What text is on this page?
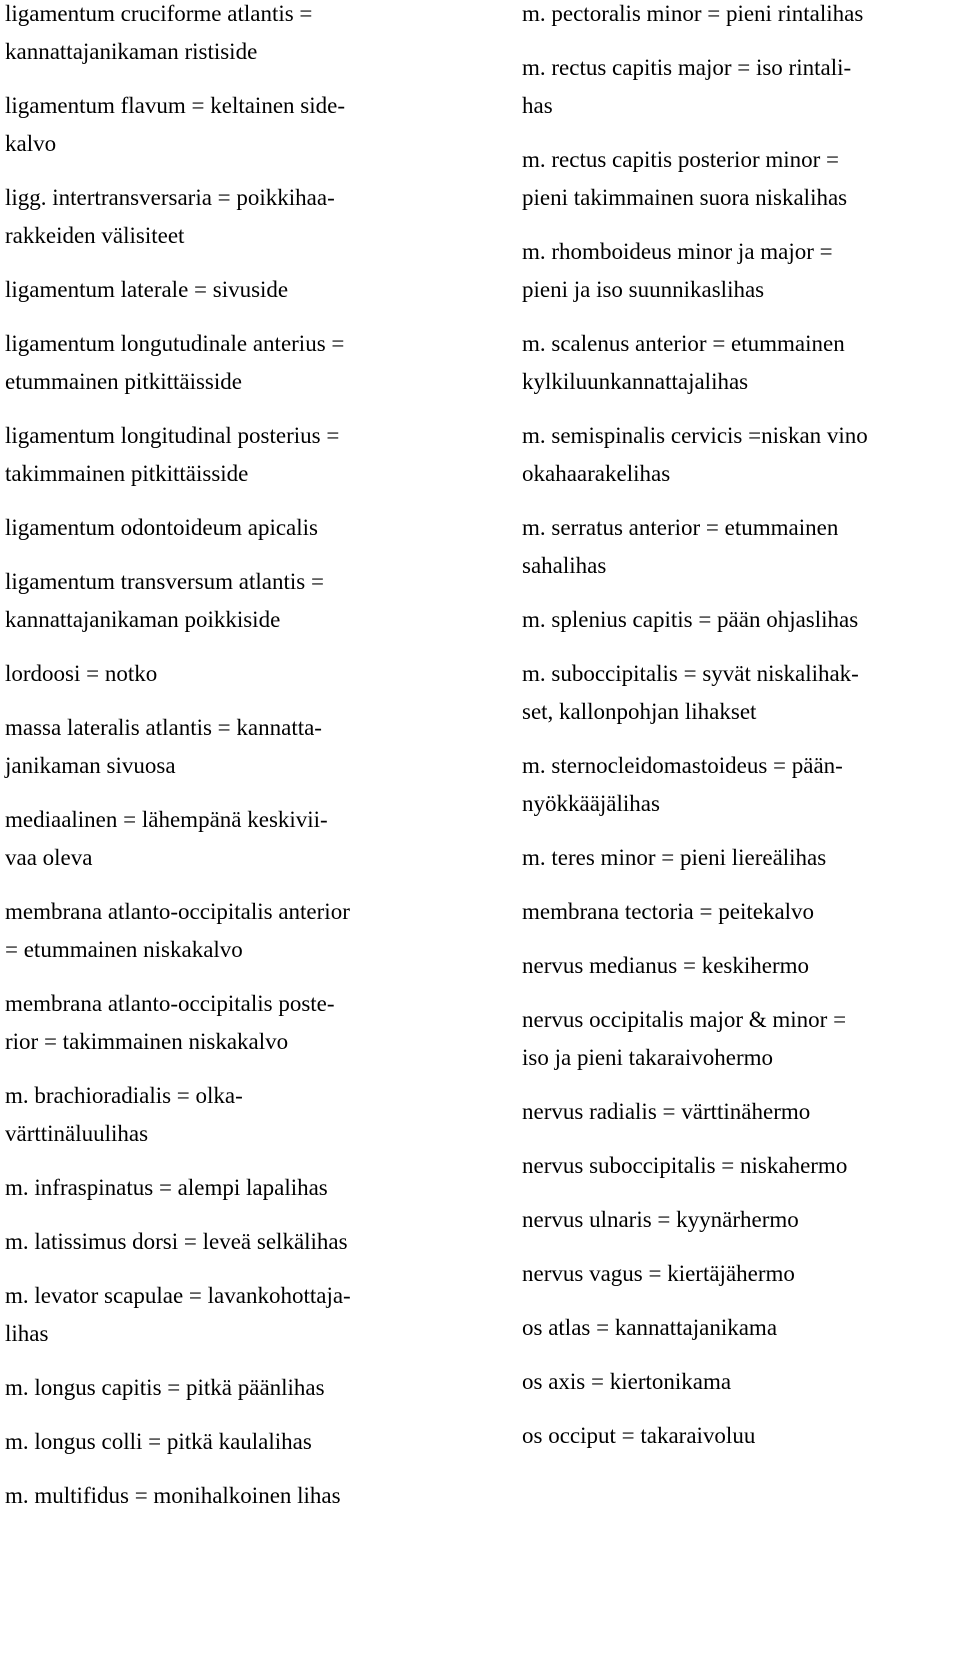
ligamentum cruciforme atlantis =
kannattajanikaman ristiside
ligamentum flavum = keltainen side-
kalvo
ligg. intertransversaria = poikkihaa-
rakkeiden välisiteet
ligamentum laterale = sivuside
ligamentum longutudinale anterius =
etummainen pitkittäisside
ligamentum longitudinal posterius =
takimmainen pitkittäisside
ligamentum odontoideum apicalis
ligamentum transversum atlantis =
kannattajanikaman poikkiside
lordoosi = notko
massa lateralis atlantis = kannatta-
janikaman sivuosa
mediaalinen = lähempänä keskivii-
vaa oleva
membrana atlanto-occipitalis anterior
= etummainen niskakalvo
membrana atlanto-occipitalis poste-
rior = takimmainen niskakalvo
m. brachioradialis = olka-
värttinäluulihas
m. infraspinatus = alempi lapalihas
m. latissimus dorsi = leveä selkälihas
m. levator scapulae = lavankohottaja-
lihas
m. longus capitis = pitkä päänlihas
m. longus colli = pitkä kaulalihas
m. multifidus = monihalkoinen lihas
m. pectoralis minor = pieni rintalihas
m. rectus capitis major = iso rintali-
has
m. rectus capitis posterior minor =
pieni takimmainen suora niskalihas
m. rhomboideus minor ja major =
pieni ja iso suunnikaslihas
m. scalenus anterior = etummainen
kylkiluunkannattajalihas
m. semispinalis cervicis =niskan vino
okahaarakelihas
m. serratus anterior = etummainen
sahalihas
m. splenius capitis = pään ohjaslihas
m. suboccipitalis = syvät niskalihak-
set, kallonpohjan lihakset
m. sternocleidomastoideus = pään-
nyökkääjälihas
m. teres minor = pieni liereälihas
membrana tectoria = peitekalvo
nervus medianus = keskihermo
nervus occipitalis major & minor =
iso ja pieni takaraivohermo
nervus radialis = värttinähermo
nervus suboccipitalis = niskahermo
nervus ulnaris = kyynärhermo
nervus vagus = kiertäjähermo
os atlas = kannattajanikama
os axis = kiertonikama
os occiput = takaraivoluu
